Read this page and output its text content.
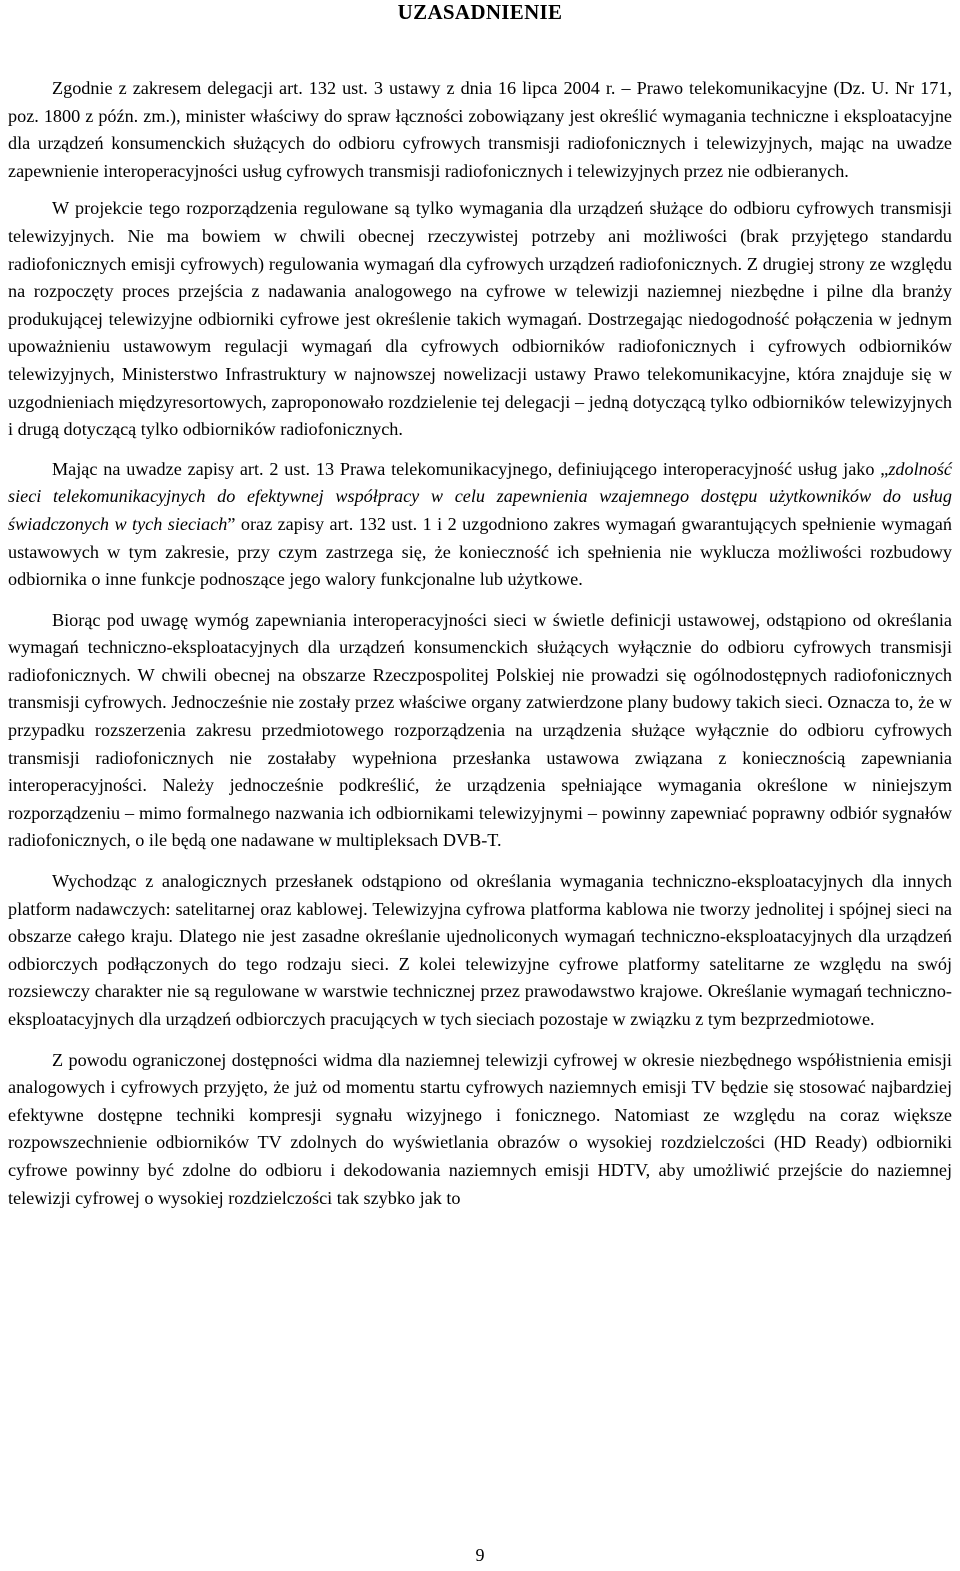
UZASADNIENIE

Zgodnie z zakresem delegacji art. 132 ust. 3 ustawy z dnia 16 lipca 2004 r. – Prawo telekomunikacyjne (Dz. U. Nr 171, poz. 1800 z późn. zm.), minister właściwy do spraw łączności zobowiązany jest określić wymagania techniczne i eksploatacyjne dla urządzeń konsumenckich służących do odbioru cyfrowych transmisji radiofonicznych i telewizyjnych, mając na uwadze zapewnienie interoperacyjności usług cyfrowych transmisji radiofonicznych i telewizyjnych przez nie odbieranych.

W projekcie tego rozporządzenia regulowane są tylko wymagania dla urządzeń służące do odbioru cyfrowych transmisji telewizyjnych. Nie ma bowiem w chwili obecnej rzeczywistej potrzeby ani możliwości (brak przyjętego standardu radiofonicznych emisji cyfrowych) regulowania wymagań dla cyfrowych urządzeń radiofonicznych. Z drugiej strony ze względu na rozpoczęty proces przejścia z nadawania analogowego na cyfrowe w telewizji naziemnej niezbędne i pilne dla branży produkującej telewizyjne odbiorniki cyfrowe jest określenie takich wymagań. Dostrzegając niedogodność połączenia w jednym upoważnieniu ustawowym regulacji wymagań dla cyfrowych odbiorników radiofonicznych i cyfrowych odbiorników telewizyjnych, Ministerstwo Infrastruktury w najnowszej nowelizacji ustawy Prawo telekomunikacyjne, która znajduje się w uzgodnieniach międzyresortowych, zaproponowało rozdzielenie tej delegacji – jedną dotyczącą tylko odbiorników telewizyjnych i drugą dotyczącą tylko odbiorników radiofonicznych.

Mając na uwadze zapisy art. 2 ust. 13 Prawa telekomunikacyjnego, definiującego interoperacyjność usług jako „zdolność sieci telekomunikacyjnych do efektywnej współpracy w celu zapewnienia wzajemnego dostępu użytkowników do usług świadczonych w tych sieciach” oraz zapisy art. 132 ust. 1 i 2 uzgodniono zakres wymagań gwarantujących spełnienie wymagań ustawowych w tym zakresie, przy czym zastrzega się, że konieczność ich spełnienia nie wyklucza możliwości rozbudowy odbiornika o inne funkcje podnoszące jego walory funkcjonalne lub użytkowe.

Biorąc pod uwagę wymóg zapewniania interoperacyjności sieci w świetle definicji ustawowej, odstąpiono od określania wymagań techniczno-eksploatacyjnych dla urządzeń konsumenckich służących wyłącznie do odbioru cyfrowych transmisji radiofonicznych. W chwili obecnej na obszarze Rzeczpospolitej Polskiej nie prowadzi się ogólnodostępnych radiofonicznych transmisji cyfrowych. Jednocześnie nie zostały przez właściwe organy zatwierdzone plany budowy takich sieci. Oznacza to, że w przypadku rozszerzenia zakresu przedmiotowego rozporządzenia na urządzenia służące wyłącznie do odbioru cyfrowych transmisji radiofonicznych nie zostałaby wypełniona przesłanka ustawowa związana z koniecznością zapewniania interoperacyjności. Należy jednocześnie podkreślić, że urządzenia spełniające wymagania określone w niniejszym rozporządzeniu – mimo formalnego nazwania ich odbiornikami telewizyjnymi – powinny zapewniać poprawny odbiór sygnałów radiofonicznych, o ile będą one nadawane w multipleksach DVB-T.

Wychodząc z analogicznych przesłanek odstąpiono od określania wymagania techniczno-eksploatacyjnych dla innych platform nadawczych: satelitarnej oraz kablowej. Telewizyjna cyfrowa platforma kablowa nie tworzy jednolitej i spójnej sieci na obszarze całego kraju. Dlatego nie jest zasadne określanie ujednoliconych wymagań techniczno-eksploatacyjnych dla urządzeń odbiorczych podłączonych do tego rodzaju sieci. Z kolei telewizyjne cyfrowe platformy satelitarne ze względu na swój rozsiewczy charakter nie są regulowane w warstwie technicznej przez prawodawstwo krajowe. Określanie wymagań techniczno-eksploatacyjnych dla urządzeń odbiorczych pracujących w tych sieciach pozostaje w związku z tym bezprzedmiotowe.

Z powodu ograniczonej dostępności widma dla naziemnej telewizji cyfrowej w okresie niezbędnego współistnienia emisji analogowych i cyfrowych przyjęto, że już od momentu startu cyfrowych naziemnych emisji TV będzie się stosować najbardziej efektywne dostępne techniki kompresji sygnału wizyjnego i fonicznego. Natomiast ze względu na coraz większe rozpowszechnienie odbiorników TV zdolnych do wyświetlania obrazów o wysokiej rozdzielczości (HD Ready) odbiorniki cyfrowe powinny być zdolne do odbioru i dekodowania naziemnych emisji HDTV, aby umożliwić przejście do naziemnej telewizji cyfrowej o wysokiej rozdzielczości tak szybko jak to

9
